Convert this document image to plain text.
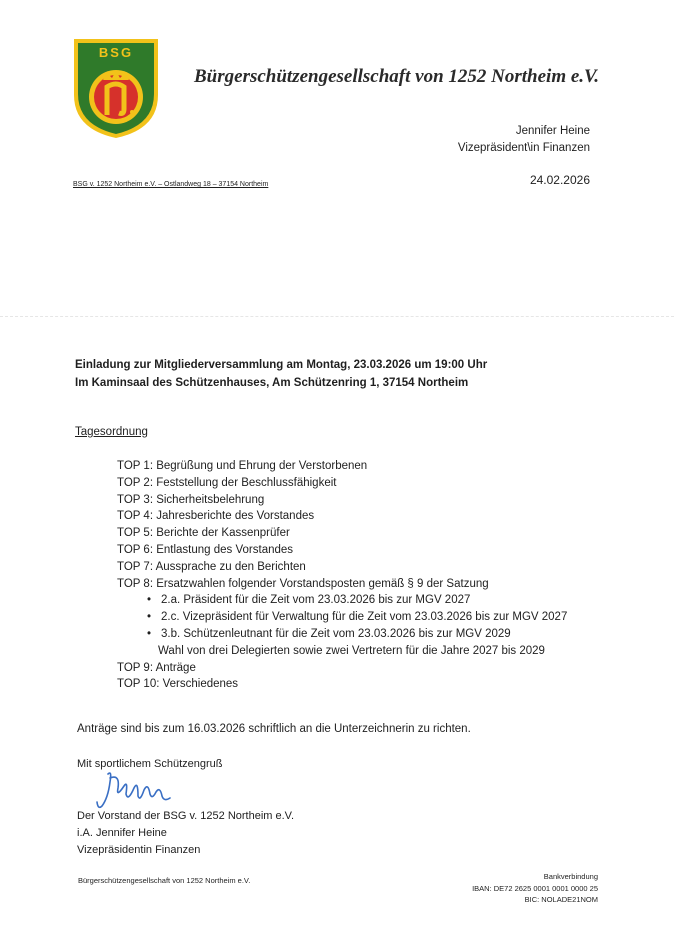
BSG
Bürgerschützengesellschaft von 1252 Northeim e.V.
Jennifer Heine
Vizepräsident\in Finanzen
BSG v. 1252 Northeim e.V. – Ostlandweg 18 – 37154 Northeim	24.02.2026
Einladung zur Mitgliederversammlung am Montag, 23.03.2026 um 19:00 Uhr
Im Kaminsaal des Schützenhauses, Am Schützenring 1, 37154 Northeim
Tagesordnung
TOP 1: Begrüßung und Ehrung der Verstorbenen
TOP 2: Feststellung der Beschlussfähigkeit
TOP 3: Sicherheitsbelehrung
TOP 4: Jahresberichte des Vorstandes
TOP 5: Berichte der Kassenprüfer
TOP 6: Entlastung des Vorstandes
TOP 7: Aussprache zu den Berichten
TOP 8: Ersatzwahlen folgender Vorstandsposten gemäß § 9 der Satzung
• 2.a. Präsident für die Zeit vom 23.03.2026 bis zur MGV 2027
• 2.c. Vizepräsident für Verwaltung für die Zeit vom 23.03.2026 bis zur MGV 2027
• 3.b. Schützenleutnant für die Zeit vom 23.03.2026 bis zur MGV 2029
Wahl von drei Delegierten sowie zwei Vertretern für die Jahre 2027 bis 2029
TOP 9: Anträge
TOP 10: Verschiedenes
Anträge sind bis zum 16.03.2026 schriftlich an die Unterzeichnerin zu richten.
Mit sportlichem Schützengruß
Der Vorstand der BSG v. 1252 Northeim e.V.
i.A. Jennifer Heine
Vizepräsidentin Finanzen
Bürgerschützengesellschaft von 1252 Northeim e.V.	Bankverbindung
IBAN: DE72 2625 0001 0001 0000 25
BIC: NOLADE21NOM
